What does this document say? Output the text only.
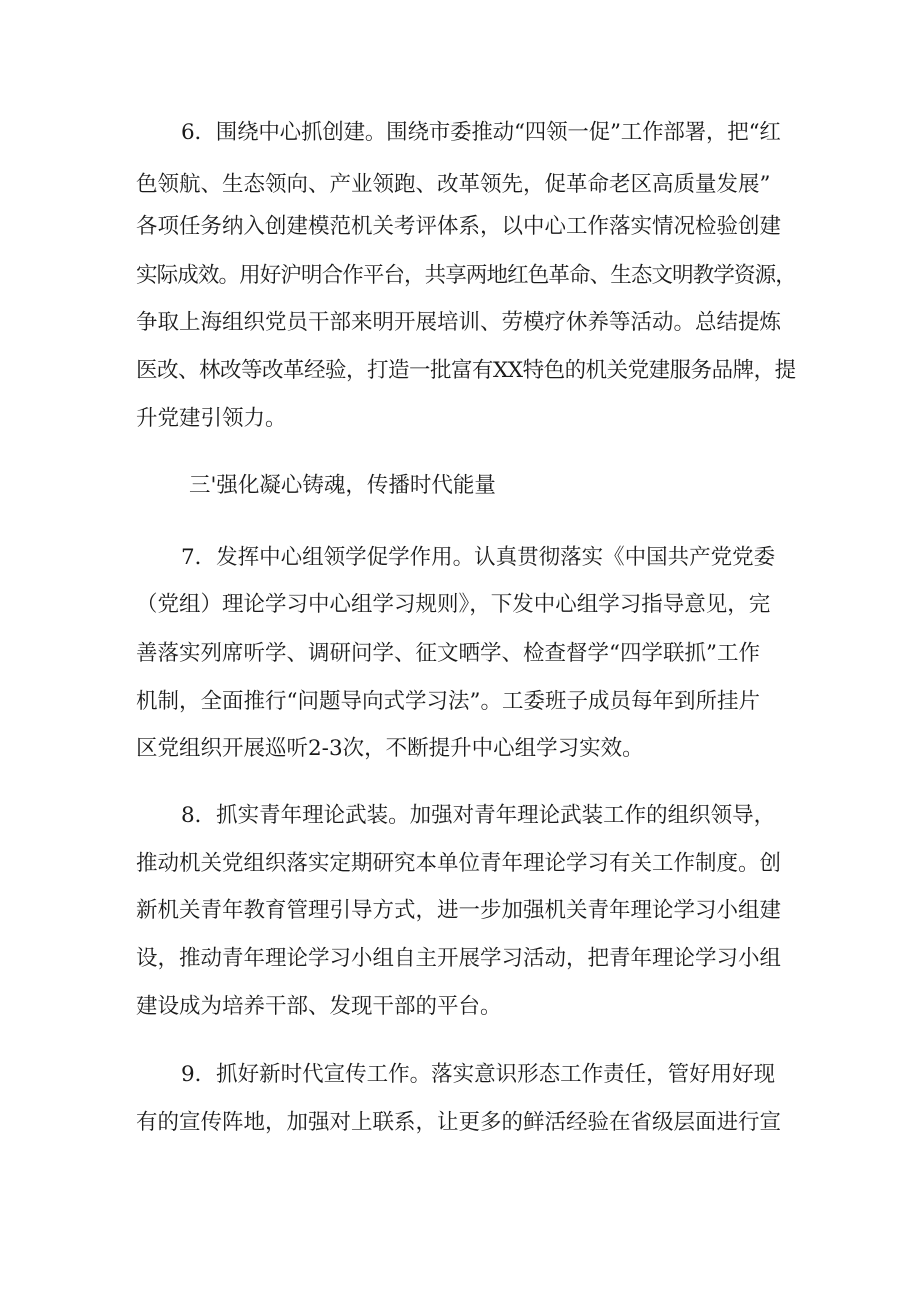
6．围绕中心抓创建。围绕市委推动“四领一促”工作部署，把“红
色领航、生态领向、产业领跑、改革领先，促革命老区高质量发展”
各项任务纳入创建模范机关考评体系，以中心工作落实情况检验创建
实际成效。用好沪明合作平台，共享两地红色革命、生态文明教学资源，
争取上海组织党员干部来明开展培训、劳模疗休养等活动。总结提炼
医改、林改等改革经验，打造一批富有XX特色的机关党建服务品牌，提
升党建引领力。
三'强化凝心铸魂，传播时代能量
7．发挥中心组领学促学作用。认真贯彻落实《中国共产党党委
（党组）理论学习中心组学习规则》，下发中心组学习指导意见，完
善落实列席听学、调研问学、征文晒学、检查督学“四学联抓”工作
机制，全面推行“问题导向式学习法”。工委班子成员每年到所挂片
区党组织开展巡听2-3次，不断提升中心组学习实效。
8．抓实青年理论武装。加强对青年理论武装工作的组织领导，
推动机关党组织落实定期研究本单位青年理论学习有关工作制度。创
新机关青年教育管理引导方式，进一步加强机关青年理论学习小组建
设，推动青年理论学习小组自主开展学习活动，把青年理论学习小组
建设成为培养干部、发现干部的平台。
9．抓好新时代宣传工作。落实意识形态工作责任，管好用好现
有的宣传阵地，加强对上联系，让更多的鲜活经验在省级层面进行宣
